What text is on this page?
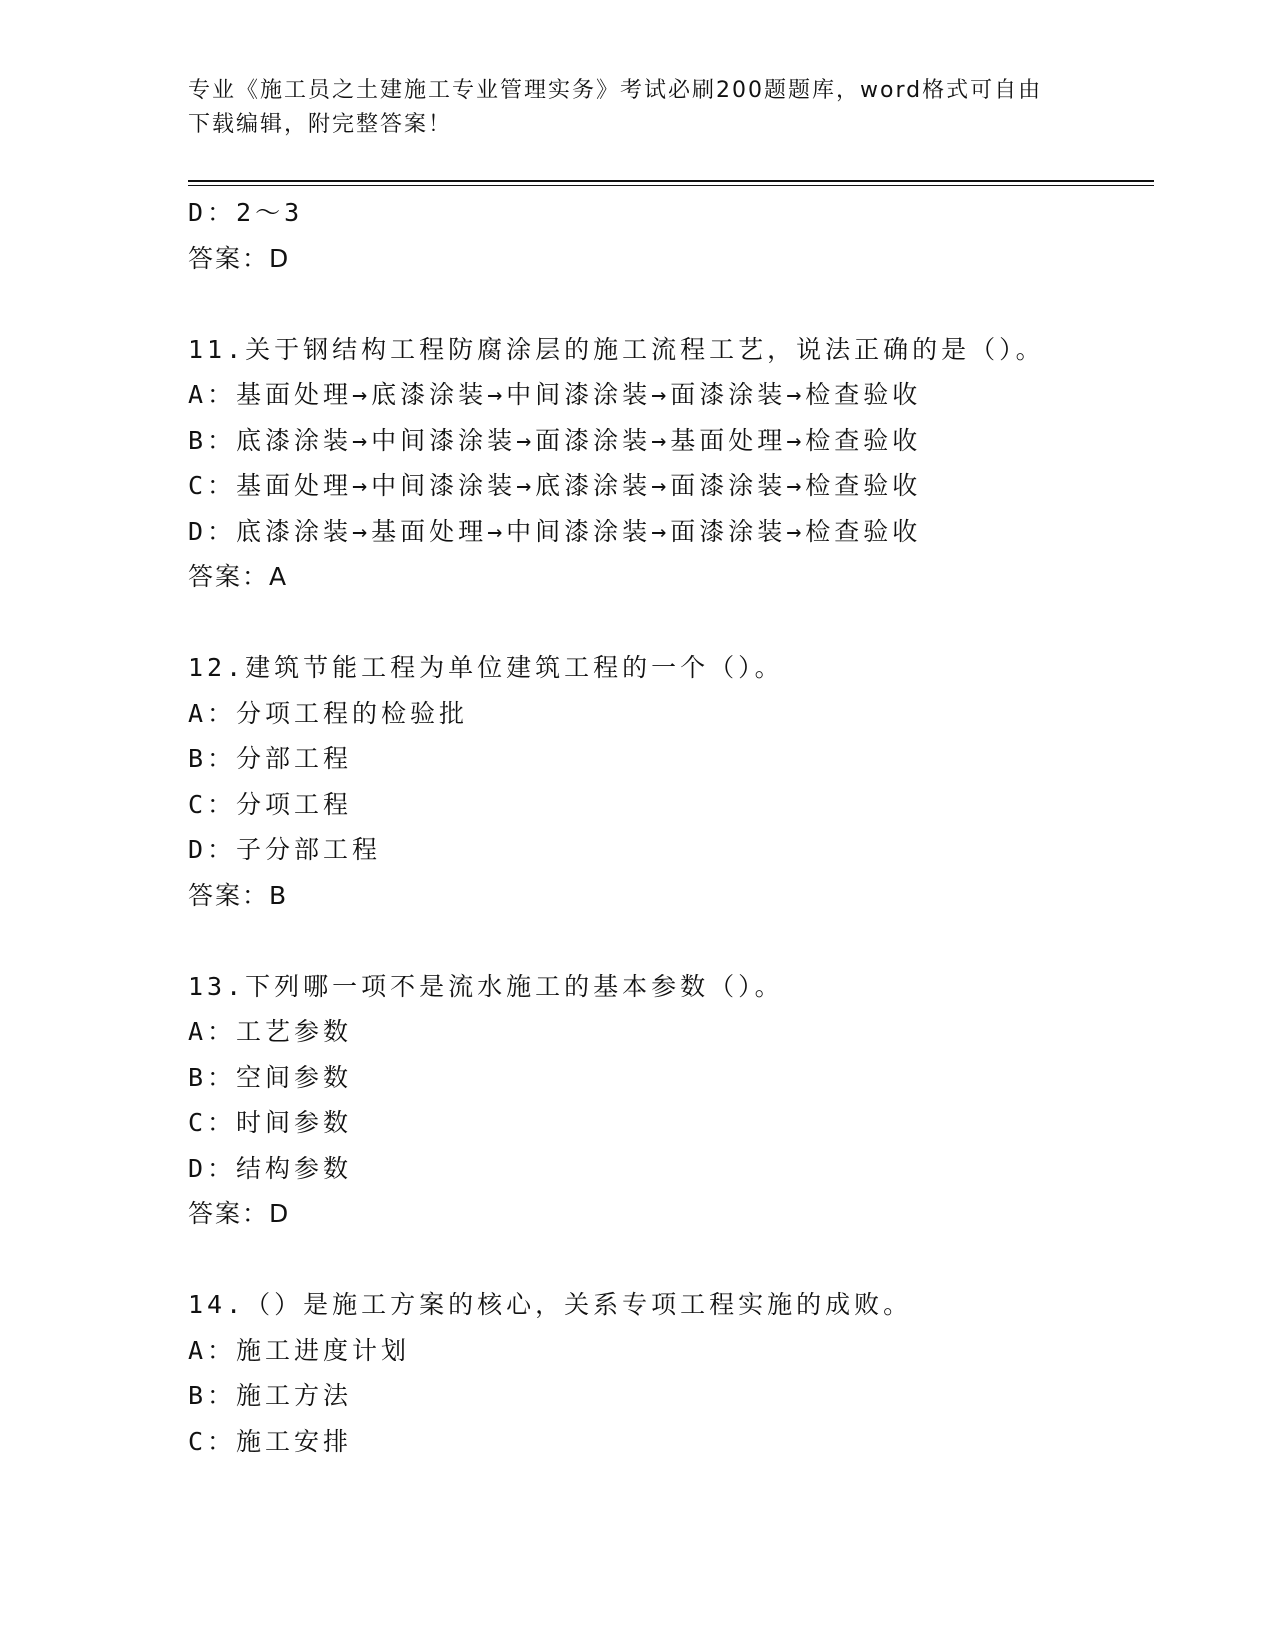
专业《施工员之土建施工专业管理实务》考试必刷200题题库，word格式可自由
下载编辑，附完整答案！
D：2～3
答案：D
11.关于钢结构工程防腐涂层的施工流程工艺，说法正确的是（）。
A：基面处理→底漆涂装→中间漆涂装→面漆涂装→检查验收
B：底漆涂装→中间漆涂装→面漆涂装→基面处理→检查验收
C：基面处理→中间漆涂装→底漆涂装→面漆涂装→检查验收
D：底漆涂装→基面处理→中间漆涂装→面漆涂装→检查验收
答案：A
12.建筑节能工程为单位建筑工程的一个（）。
A：分项工程的检验批
B：分部工程
C：分项工程
D：子分部工程
答案：B
13.下列哪一项不是流水施工的基本参数（）。
A：工艺参数
B：空间参数
C：时间参数
D：结构参数
答案：D
14.（）是施工方案的核心，关系专项工程实施的成败。
A：施工进度计划
B：施工方法
C：施工安排
